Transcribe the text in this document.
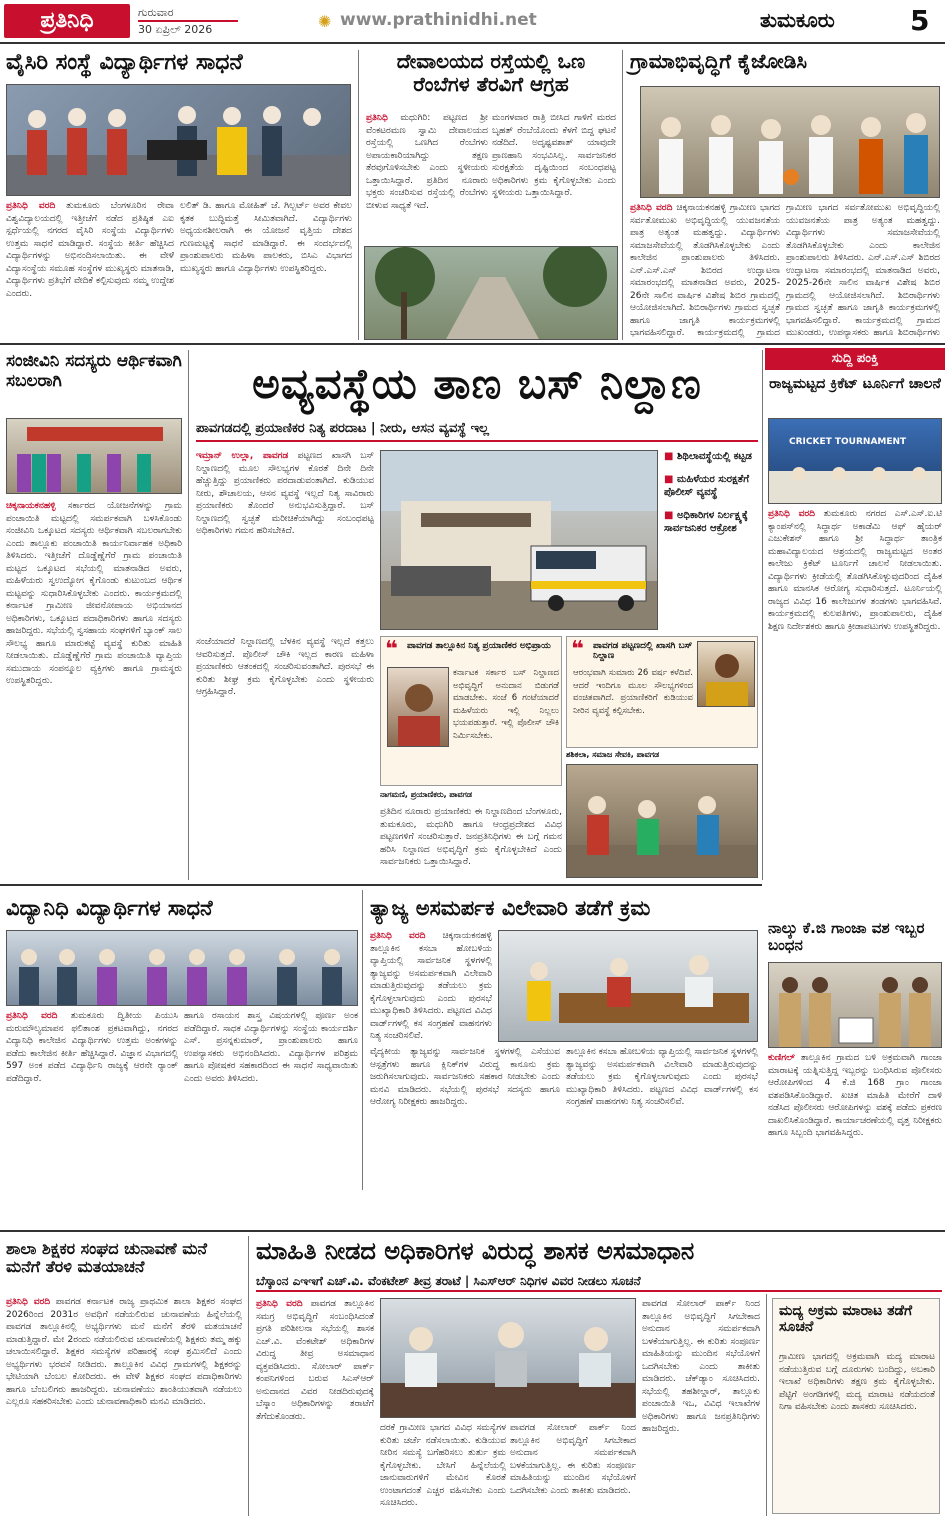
ಪ್ರತಿನಿಧಿ	ಗುರುವಾರ
30 ಏಪ್ರಿಲ್ 2026	✺ www.prathinidhi.net	ತುಮಕೂರು	5
ವೈಸಿರಿ ಸಂಸ್ಥೆ ವಿದ್ಯಾರ್ಥಿಗಳ ಸಾಧನೆ
ಪ್ರತಿನಿಧಿ ವರದಿ ತುಮಕೂರು ಬೆಂಗಳೂರಿನ ರೇವಾ ವಿಶ್ವವಿದ್ಯಾಲಯದಲ್ಲಿ ಇತ್ತೀಚೆಗೆ ನಡೆದ ಪ್ರತಿಷ್ಠಿತ ಎಐ ಸ್ಪರ್ಧೆಯಲ್ಲಿ ನಗರದ ವೈಸಿರಿ ಸಂಸ್ಥೆಯ ವಿದ್ಯಾರ್ಥಿಗಳು ಉತ್ತಮ ಸಾಧನೆ ಮಾಡಿದ್ದಾರೆ. ಸಂಸ್ಥೆಯ ಕೀರ್ತಿ ಹೆಚ್ಚಿಸಿದ ವಿದ್ಯಾರ್ಥಿಗಳನ್ನು ಅಭಿನಂದಿಸಲಾಯಿತು. ಈ ವೇಳೆ ವಿದ್ಯಾಸಂಸ್ಥೆಯ ಸಮೂಹ ಸಂಸ್ಥೆಗಳ ಮುಖ್ಯಸ್ಥರು ಮಾತನಾಡಿ, ವಿದ್ಯಾರ್ಥಿಗಳು ಪ್ರತಿಭೆಗೆ ವೇದಿಕೆ ಕಲ್ಪಿಸುವುದು ನಮ್ಮ ಉದ್ದೇಶ ಎಂದರು.
ಲಲಿತ್ ಡಿ. ಹಾಗೂ ಮೋಹಿತ್ ಜೆ. ಗಿಲ್ಬರ್ಟ್ ಅವರ ಕೇವಲ ಕೃತಕ ಬುದ್ಧಿಮತ್ತೆ ಸೀಮಿತವಾಗಿದೆ. ವಿದ್ಯಾರ್ಥಿಗಳು ಅಧ್ಯಯನಶೀಲರಾಗಿ ಈ ಯೋಜನೆ ವೃತ್ತಿಯ ದೇಶದ ಗುಣಮಟ್ಟಕ್ಕೆ ಸಾಧನೆ ಮಾಡಿದ್ದಾರೆ. ಈ ಸಂದರ್ಭದಲ್ಲಿ ಪ್ರಾಂಶುಪಾಲರು ಮಹಿಳಾ ಪಾಲಕರು, ಬಿಸಿಎ ವಿಭಾಗದ ಮುಖ್ಯಸ್ಥರು ಹಾಗೂ ವಿದ್ಯಾರ್ಥಿಗಳು ಉಪಸ್ಥಿತರಿದ್ದರು.
ದೇವಾಲಯದ ರಸ್ತೆಯಲ್ಲಿ ಒಣ ರೆಂಬೆಗಳ ತೆರವಿಗೆ ಆಗ್ರಹ
ಪ್ರತಿನಿಧಿ ಮಧುಗಿರಿ: ಪಟ್ಟಣದ ಶ್ರೀ ವೆಂಕಟರಮಣ ಸ್ವಾಮಿ ದೇವಾಲಯದ ರಸ್ತೆಯಲ್ಲಿ ಒಣಗಿದ ರೆಂಬೆಗಳು ಅಪಾಯಕಾರಿಯಾಗಿದ್ದು ತಕ್ಷಣ ತೆರವುಗೊಳಿಸಬೇಕು ಎಂದು ಸ್ಥಳೀಯರು ಒತ್ತಾಯಿಸಿದ್ದಾರೆ. ಪ್ರತಿದಿನ ನೂರಾರು ಭಕ್ತರು ಸಂಚರಿಸುವ ರಸ್ತೆಯಲ್ಲಿ ರೆಂಬೆಗಳು ಬೀಳುವ ಸಾಧ್ಯತೆ ಇದೆ.
ಮಂಗಳವಾರ ರಾತ್ರಿ ಬೀಸಿದ ಗಾಳಿಗೆ ಮರದ ಬೃಹತ್ ರೆಂಬೆಯೊಂದು ಕೆಳಗೆ ಬಿದ್ದ ಘಟನೆ ನಡೆದಿದೆ. ಅದೃಷ್ಟವಶಾತ್ ಯಾವುದೇ ಪ್ರಾಣಹಾನಿ ಸಂಭವಿಸಿಲ್ಲ. ಸಾರ್ವಜನಿಕರ ಸುರಕ್ಷತೆಯ ದೃಷ್ಟಿಯಿಂದ ಸಂಬಂಧಪಟ್ಟ ಅಧಿಕಾರಿಗಳು ಕ್ರಮ ಕೈಗೊಳ್ಳಬೇಕು ಎಂದು ಸ್ಥಳೀಯರು ಒತ್ತಾಯಿಸಿದ್ದಾರೆ.
ಗ್ರಾಮಾಭಿವೃದ್ಧಿಗೆ ಕೈಜೋಡಿಸಿ
ಪ್ರತಿನಿಧಿ ವರದಿ ಚಿಕ್ಕನಾಯಕನಹಳ್ಳಿ ಗ್ರಾಮೀಣ ಭಾಗದ ಸರ್ವತೋಮುಖ ಅಭಿವೃದ್ಧಿಯಲ್ಲಿ ಯುವಜನತೆಯ ಪಾತ್ರ ಅತ್ಯಂತ ಮಹತ್ವದ್ದು. ವಿದ್ಯಾರ್ಥಿಗಳು ಸಮಾಜಸೇವೆಯಲ್ಲಿ ತೊಡಗಿಸಿಕೊಳ್ಳಬೇಕು ಎಂದು ಕಾಲೇಜಿನ ಪ್ರಾಂಶುಪಾಲರು ತಿಳಿಸಿದರು. ಎನ್.ಎಸ್.ಎಸ್ ಶಿಬಿರದ ಉದ್ಘಾಟನಾ ಸಮಾರಂಭದಲ್ಲಿ ಮಾತನಾಡಿದ ಅವರು, 2025-26ನೇ ಸಾಲಿನ ವಾರ್ಷಿಕ ವಿಶೇಷ ಶಿಬಿರ ಗ್ರಾಮದಲ್ಲಿ ಆಯೋಜಿಸಲಾಗಿದೆ. ಶಿಬಿರಾರ್ಥಿಗಳು ಗ್ರಾಮದ ಸ್ವಚ್ಛತೆ ಹಾಗೂ ಜಾಗೃತಿ ಕಾರ್ಯಕ್ರಮಗಳಲ್ಲಿ ಭಾಗವಹಿಸಲಿದ್ದಾರೆ. ಕಾರ್ಯಕ್ರಮದಲ್ಲಿ ಗ್ರಾಮದ
ಗ್ರಾಮೀಣ ಭಾಗದ ಸರ್ವತೋಮುಖ ಅಭಿವೃದ್ಧಿಯಲ್ಲಿ ಯುವಜನತೆಯ ಪಾತ್ರ ಅತ್ಯಂತ ಮಹತ್ವದ್ದು. ವಿದ್ಯಾರ್ಥಿಗಳು ಸಮಾಜಸೇವೆಯಲ್ಲಿ ತೊಡಗಿಸಿಕೊಳ್ಳಬೇಕು ಎಂದು ಕಾಲೇಜಿನ ಪ್ರಾಂಶುಪಾಲರು ತಿಳಿಸಿದರು. ಎನ್.ಎಸ್.ಎಸ್ ಶಿಬಿರದ ಉದ್ಘಾಟನಾ ಸಮಾರಂಭದಲ್ಲಿ ಮಾತನಾಡಿದ ಅವರು, 2025-26ನೇ ಸಾಲಿನ ವಾರ್ಷಿಕ ವಿಶೇಷ ಶಿಬಿರ ಗ್ರಾಮದಲ್ಲಿ ಆಯೋಜಿಸಲಾಗಿದೆ. ಶಿಬಿರಾರ್ಥಿಗಳು ಗ್ರಾಮದ ಸ್ವಚ್ಛತೆ ಹಾಗೂ ಜಾಗೃತಿ ಕಾರ್ಯಕ್ರಮಗಳಲ್ಲಿ ಭಾಗವಹಿಸಲಿದ್ದಾರೆ. ಕಾರ್ಯಕ್ರಮದಲ್ಲಿ ಗ್ರಾಮದ ಮುಖಂಡರು, ಉಪನ್ಯಾಸಕರು ಹಾಗೂ ಶಿಬಿರಾರ್ಥಿಗಳು
ಸಂಜೀವಿನಿ ಸದಸ್ಯರು ಆರ್ಥಿಕವಾಗಿ ಸಬಲರಾಗಿ
ಚಿಕ್ಕನಾಯಕನಹಳ್ಳಿ ಸರ್ಕಾರದ ಯೋಜನೆಗಳನ್ನು ಗ್ರಾಮ ಪಂಚಾಯಿತಿ ಮಟ್ಟದಲ್ಲಿ ಸಮರ್ಪಕವಾಗಿ ಬಳಸಿಕೊಂಡು ಸಂಜೀವಿನಿ ಒಕ್ಕೂಟದ ಸದಸ್ಯರು ಆರ್ಥಿಕವಾಗಿ ಸಬಲರಾಗಬೇಕು ಎಂದು ತಾಲ್ಲೂಕು ಪಂಚಾಯಿತಿ ಕಾರ್ಯನಿರ್ವಾಹಕ ಅಧಿಕಾರಿ ತಿಳಿಸಿದರು. ಇತ್ತೀಚೆಗೆ ದೊಡ್ಡೆಣ್ಣೆಗೆರೆ ಗ್ರಾಮ ಪಂಚಾಯಿತಿ ಮಟ್ಟದ ಒಕ್ಕೂಟದ ಸಭೆಯಲ್ಲಿ ಮಾತನಾಡಿದ ಅವರು, ಮಹಿಳೆಯರು ಸ್ವಉದ್ಯೋಗ ಕೈಗೊಂಡು ಕುಟುಂಬದ ಆರ್ಥಿಕ ಮಟ್ಟವನ್ನು ಸುಧಾರಿಸಿಕೊಳ್ಳಬೇಕು ಎಂದರು. ಕಾರ್ಯಕ್ರಮದಲ್ಲಿ ಕರ್ನಾಟಕ ಗ್ರಾಮೀಣ ಜೀವನೋಪಾಯ ಅಭಿಯಾನದ ಅಧಿಕಾರಿಗಳು, ಒಕ್ಕೂಟದ ಪದಾಧಿಕಾರಿಗಳು ಹಾಗೂ ಸದಸ್ಯರು ಹಾಜರಿದ್ದರು. ಸಭೆಯಲ್ಲಿ ಸ್ವಸಹಾಯ ಸಂಘಗಳಿಗೆ ಬ್ಯಾಂಕ್ ಸಾಲ ಸೌಲಭ್ಯ ಹಾಗೂ ಮಾರುಕಟ್ಟೆ ವ್ಯವಸ್ಥೆ ಕುರಿತು ಮಾಹಿತಿ ನೀಡಲಾಯಿತು. ದೊಡ್ಡೆಣ್ಣೆಗೆರೆ ಗ್ರಾಮ ಪಂಚಾಯಿತಿ ವ್ಯಾಪ್ತಿಯ ಸಮುದಾಯ ಸಂಪನ್ಮೂಲ ವ್ಯಕ್ತಿಗಳು ಹಾಗೂ ಗ್ರಾಮಸ್ಥರು ಉಪಸ್ಥಿತರಿದ್ದರು.
ಅವ್ಯವಸ್ಥೆಯ ತಾಣ ಬಸ್ ನಿಲ್ದಾಣ
ಪಾವಗಡದಲ್ಲಿ ಪ್ರಯಾಣಿಕರ ನಿತ್ಯ ಪರದಾಟ | ನೀರು, ಆಸನ ವ್ಯವಸ್ಥೆ ಇಲ್ಲ
ಇಮ್ರಾನ್ ಉಲ್ಲಾ, ಪಾವಗಡ ಪಟ್ಟಣದ ಖಾಸಗಿ ಬಸ್ ನಿಲ್ದಾಣದಲ್ಲಿ ಮೂಲ ಸೌಲಭ್ಯಗಳ ಕೊರತೆ ದಿನೇ ದಿನೇ ಹೆಚ್ಚುತ್ತಿದ್ದು ಪ್ರಯಾಣಿಕರು ಪರದಾಡುವಂತಾಗಿದೆ. ಕುಡಿಯುವ ನೀರು, ಶೌಚಾಲಯ, ಆಸನ ವ್ಯವಸ್ಥೆ ಇಲ್ಲದೆ ನಿತ್ಯ ಸಾವಿರಾರು ಪ್ರಯಾಣಿಕರು ತೊಂದರೆ ಅನುಭವಿಸುತ್ತಿದ್ದಾರೆ. ಬಸ್ ನಿಲ್ದಾಣದಲ್ಲಿ ಸ್ವಚ್ಛತೆ ಮರೀಚಿಕೆಯಾಗಿದ್ದು ಸಂಬಂಧಪಟ್ಟ ಅಧಿಕಾರಿಗಳು ಗಮನ ಹರಿಸಬೇಕಿದೆ.
■ ಶಿಥಿಲಾವಸ್ಥೆಯಲ್ಲಿ ಕಟ್ಟಡ
■ ಮಹಿಳೆಯರ ಸುರಕ್ಷತೆಗೆ ಪೊಲೀಸ್ ವ್ಯವಸ್ಥೆ
■ ಅಧಿಕಾರಿಗಳ ನಿರ್ಲಕ್ಷ್ಯಕ್ಕೆ ಸಾರ್ವಜನಿಕರ ಆಕ್ರೋಶ
ಸಂಜೆಯಾದರೆ ನಿಲ್ದಾಣದಲ್ಲಿ ಬೆಳಕಿನ ವ್ಯವಸ್ಥೆ ಇಲ್ಲದೆ ಕತ್ತಲು ಆವರಿಸುತ್ತದೆ. ಪೊಲೀಸ್ ಚೌಕಿ ಇಲ್ಲದ ಕಾರಣ ಮಹಿಳಾ ಪ್ರಯಾಣಿಕರು ಆತಂಕದಲ್ಲಿ ಸಂಚರಿಸುವಂತಾಗಿದೆ. ಪುರಸಭೆ ಈ ಕುರಿತು ಶೀಘ್ರ ಕ್ರಮ ಕೈಗೊಳ್ಳಬೇಕು ಎಂದು ಸ್ಥಳೀಯರು ಆಗ್ರಹಿಸಿದ್ದಾರೆ.
❝ ಪಾವಗಡ ತಾಲ್ಲೂಕಿನ ನಿತ್ಯ ಪ್ರಯಾಣಿಕರ ಅಭಿಪ್ರಾಯ
ಕರ್ನಾಟಕ ಸರ್ಕಾರ ಬಸ್ ನಿಲ್ದಾಣದ ಅಭಿವೃದ್ಧಿಗೆ ಅನುದಾನ ಬಿಡುಗಡೆ ಮಾಡಬೇಕು. ಸಂಜೆ 6 ಗಂಟೆಯಾದರೆ ಮಹಿಳೆಯರು ಇಲ್ಲಿ ನಿಲ್ಲಲು ಭಯಪಡುತ್ತಾರೆ. ಇಲ್ಲಿ ಪೊಲೀಸ್ ಚೌಕಿ ನಿರ್ಮಿಸಬೇಕು.
ನಾಗಮಣಿ, ಪ್ರಯಾಣಿಕರು, ಪಾವಗಡ
❝ ಪಾವಗಡ ಪಟ್ಟಣದಲ್ಲಿ ಖಾಸಗಿ ಬಸ್ ನಿಲ್ದಾಣ
ಆರಂಭವಾಗಿ ಸುಮಾರು 26 ವರ್ಷ ಕಳೆದಿವೆ. ಆದರೆ ಇಂದಿಗೂ ಮೂಲ ಸೌಲಭ್ಯಗಳಿಂದ ವಂಚಿತವಾಗಿದೆ. ಪ್ರಯಾಣಿಕರಿಗೆ ಕುಡಿಯುವ ನೀರಿನ ವ್ಯವಸ್ಥೆ ಕಲ್ಪಿಸಬೇಕು.
ಶಶಿಕಲಾ, ಸಮಾಜ ಸೇವಕಿ, ಪಾವಗಡ
ಪ್ರತಿದಿನ ನೂರಾರು ಪ್ರಯಾಣಿಕರು ಈ ನಿಲ್ದಾಣದಿಂದ ಬೆಂಗಳೂರು, ತುಮಕೂರು, ಮಧುಗಿರಿ ಹಾಗೂ ಆಂಧ್ರಪ್ರದೇಶದ ವಿವಿಧ ಪಟ್ಟಣಗಳಿಗೆ ಸಂಚರಿಸುತ್ತಾರೆ. ಜನಪ್ರತಿನಿಧಿಗಳು ಈ ಬಗ್ಗೆ ಗಮನ ಹರಿಸಿ ನಿಲ್ದಾಣದ ಅಭಿವೃದ್ಧಿಗೆ ಕ್ರಮ ಕೈಗೊಳ್ಳಬೇಕಿದೆ ಎಂದು ಸಾರ್ವಜನಿಕರು ಒತ್ತಾಯಿಸಿದ್ದಾರೆ.
ಸುದ್ದಿ ಪಂಕ್ತಿ
ರಾಜ್ಯಮಟ್ಟದ ಕ್ರಿಕೆಟ್ ಟೂರ್ನಿಗೆ ಚಾಲನೆ
CRICKET TOURNAMENT
ಪ್ರತಿನಿಧಿ ವರದಿ ತುಮಕೂರು ನಗರದ ಎಸ್.ಎಸ್.ಐ.ಟಿ ಕ್ಯಾಂಪಸ್‌ನಲ್ಲಿ ಸಿದ್ಧಾರ್ಥ ಅಕಾಡೆಮಿ ಆಫ್ ಹೈಯರ್ ಎಜುಕೇಶನ್ ಹಾಗೂ ಶ್ರೀ ಸಿದ್ಧಾರ್ಥ ತಾಂತ್ರಿಕ ಮಹಾವಿದ್ಯಾಲಯದ ಆಶ್ರಯದಲ್ಲಿ ರಾಜ್ಯಮಟ್ಟದ ಅಂತರ ಕಾಲೇಜು ಕ್ರಿಕೆಟ್ ಟೂರ್ನಿಗೆ ಚಾಲನೆ ನೀಡಲಾಯಿತು. ವಿದ್ಯಾರ್ಥಿಗಳು ಕ್ರೀಡೆಯಲ್ಲಿ ತೊಡಗಿಸಿಕೊಳ್ಳುವುದರಿಂದ ದೈಹಿಕ ಹಾಗೂ ಮಾನಸಿಕ ಆರೋಗ್ಯ ಸುಧಾರಿಸುತ್ತದೆ. ಟೂರ್ನಿಯಲ್ಲಿ ರಾಜ್ಯದ ವಿವಿಧ 16 ಕಾಲೇಜುಗಳ ತಂಡಗಳು ಭಾಗವಹಿಸಿವೆ. ಕಾರ್ಯಕ್ರಮದಲ್ಲಿ ಕುಲಪತಿಗಳು, ಪ್ರಾಂಶುಪಾಲರು, ದೈಹಿಕ ಶಿಕ್ಷಣ ನಿರ್ದೇಶಕರು ಹಾಗೂ ಕ್ರೀಡಾಪಟುಗಳು ಉಪಸ್ಥಿತರಿದ್ದರು.
ನಾಲ್ಕು ಕೆ.ಜಿ ಗಾಂಜಾ ವಶ ಇಬ್ಬರ ಬಂಧನ
ಕುಣಿಗಲ್ ತಾಲ್ಲೂಕಿನ ಗ್ರಾಮದ ಬಳಿ ಅಕ್ರಮವಾಗಿ ಗಾಂಜಾ ಮಾರಾಟಕ್ಕೆ ಯತ್ನಿಸುತ್ತಿದ್ದ ಇಬ್ಬರನ್ನು ಬಂಧಿಸಿರುವ ಪೊಲೀಸರು ಆರೋಪಿಗಳಿಂದ 4 ಕೆ.ಜಿ 168 ಗ್ರಾಂ ಗಾಂಜಾ ವಶಪಡಿಸಿಕೊಂಡಿದ್ದಾರೆ. ಖಚಿತ ಮಾಹಿತಿ ಮೇರೆಗೆ ದಾಳಿ ನಡೆಸಿದ ಪೊಲೀಸರು ಆರೋಪಿಗಳನ್ನು ವಶಕ್ಕೆ ಪಡೆದು ಪ್ರಕರಣ ದಾಖಲಿಸಿಕೊಂಡಿದ್ದಾರೆ. ಕಾರ್ಯಾಚರಣೆಯಲ್ಲಿ ವೃತ್ತ ನಿರೀಕ್ಷಕರು ಹಾಗೂ ಸಿಬ್ಬಂದಿ ಭಾಗವಹಿಸಿದ್ದರು.
ವಿದ್ಯಾನಿಧಿ ವಿದ್ಯಾರ್ಥಿಗಳ ಸಾಧನೆ
ಪ್ರತಿನಿಧಿ ವರದಿ ತುಮಕೂರು ದ್ವಿತೀಯ ಪಿಯುಸಿ ಮರುಮೌಲ್ಯಮಾಪನ ಫಲಿತಾಂಶ ಪ್ರಕಟವಾಗಿದ್ದು, ನಗರದ ವಿದ್ಯಾನಿಧಿ ಕಾಲೇಜಿನ ವಿದ್ಯಾರ್ಥಿಗಳು ಉತ್ತಮ ಅಂಕಗಳನ್ನು ಪಡೆದು ಕಾಲೇಜಿನ ಕೀರ್ತಿ ಹೆಚ್ಚಿಸಿದ್ದಾರೆ. ವಿಜ್ಞಾನ ವಿಭಾಗದಲ್ಲಿ 597 ಅಂಕ ಪಡೆದ ವಿದ್ಯಾರ್ಥಿನಿ ರಾಜ್ಯಕ್ಕೆ ಆರನೇ ರ‍್ಯಾಂಕ್ ಪಡೆದಿದ್ದಾರೆ.
ಹಾಗೂ ರಸಾಯನ ಶಾಸ್ತ್ರ ವಿಷಯಗಳಲ್ಲಿ ಪೂರ್ಣ ಅಂಕ ಪಡೆದಿದ್ದಾರೆ. ಸಾಧಕ ವಿದ್ಯಾರ್ಥಿಗಳನ್ನು ಸಂಸ್ಥೆಯ ಕಾರ್ಯದರ್ಶಿ ಎಸ್. ಪ್ರಸನ್ನಕುಮಾರ್, ಪ್ರಾಂಶುಪಾಲರು ಹಾಗೂ ಉಪನ್ಯಾಸಕರು ಅಭಿನಂದಿಸಿದರು. ವಿದ್ಯಾರ್ಥಿಗಳ ಪರಿಶ್ರಮ ಹಾಗೂ ಪೋಷಕರ ಸಹಕಾರದಿಂದ ಈ ಸಾಧನೆ ಸಾಧ್ಯವಾಯಿತು ಎಂದು ಅವರು ತಿಳಿಸಿದರು.
ತ್ಯಾಜ್ಯ ಅಸಮರ್ಪಕ ವಿಲೇವಾರಿ ತಡೆಗೆ ಕ್ರಮ
ಪ್ರತಿನಿಧಿ ವರದಿ ಚಿಕ್ಕನಾಯಕನಹಳ್ಳಿ ತಾಲ್ಲೂಕಿನ ಕಸಬಾ ಹೋಬಳಿಯ ವ್ಯಾಪ್ತಿಯಲ್ಲಿ ಸಾರ್ವಜನಿಕ ಸ್ಥಳಗಳಲ್ಲಿ ತ್ಯಾಜ್ಯವನ್ನು ಅಸಮರ್ಪಕವಾಗಿ ವಿಲೇವಾರಿ ಮಾಡುತ್ತಿರುವುದನ್ನು ತಡೆಯಲು ಕ್ರಮ ಕೈಗೊಳ್ಳಲಾಗುವುದು ಎಂದು ಪುರಸಭೆ ಮುಖ್ಯಾಧಿಕಾರಿ ತಿಳಿಸಿದರು. ಪಟ್ಟಣದ ವಿವಿಧ ವಾರ್ಡ್‌ಗಳಲ್ಲಿ ಕಸ ಸಂಗ್ರಹಣೆ ವಾಹನಗಳು ನಿತ್ಯ ಸಂಚರಿಸಲಿವೆ.
ವೈದ್ಯಕೀಯ ತ್ಯಾಜ್ಯವನ್ನು ಸಾರ್ವಜನಿಕ ಸ್ಥಳಗಳಲ್ಲಿ ಎಸೆಯುವ ಆಸ್ಪತ್ರೆಗಳು ಹಾಗೂ ಕ್ಲಿನಿಕ್‌ಗಳ ವಿರುದ್ಧ ಕಾನೂನು ಕ್ರಮ ಜರುಗಿಸಲಾಗುವುದು. ಸಾರ್ವಜನಿಕರು ಸಹಕಾರ ನೀಡಬೇಕು ಎಂದು ಮನವಿ ಮಾಡಿದರು. ಸಭೆಯಲ್ಲಿ ಪುರಸಭೆ ಸದಸ್ಯರು ಹಾಗೂ ಆರೋಗ್ಯ ನಿರೀಕ್ಷಕರು ಹಾಜರಿದ್ದರು.
ತಾಲ್ಲೂಕಿನ ಕಸಬಾ ಹೋಬಳಿಯ ವ್ಯಾಪ್ತಿಯಲ್ಲಿ ಸಾರ್ವಜನಿಕ ಸ್ಥಳಗಳಲ್ಲಿ ತ್ಯಾಜ್ಯವನ್ನು ಅಸಮರ್ಪಕವಾಗಿ ವಿಲೇವಾರಿ ಮಾಡುತ್ತಿರುವುದನ್ನು ತಡೆಯಲು ಕ್ರಮ ಕೈಗೊಳ್ಳಲಾಗುವುದು ಎಂದು ಪುರಸಭೆ ಮುಖ್ಯಾಧಿಕಾರಿ ತಿಳಿಸಿದರು. ಪಟ್ಟಣದ ವಿವಿಧ ವಾರ್ಡ್‌ಗಳಲ್ಲಿ ಕಸ ಸಂಗ್ರಹಣೆ ವಾಹನಗಳು ನಿತ್ಯ ಸಂಚರಿಸಲಿವೆ.
ಶಾಲಾ ಶಿಕ್ಷಕರ ಸಂಘದ ಚುನಾವಣೆ ಮನೆ ಮನೆಗೆ ತೆರಳಿ ಮತಯಾಚನೆ
ಪ್ರತಿನಿಧಿ ವರದಿ ಪಾವಗಡ ಕರ್ನಾಟಕ ರಾಜ್ಯ ಪ್ರಾಥಮಿಕ ಶಾಲಾ ಶಿಕ್ಷಕರ ಸಂಘದ 2026ರಿಂದ 2031ರ ಅವಧಿಗೆ ನಡೆಯಲಿರುವ ಚುನಾವಣೆಯ ಹಿನ್ನೆಲೆಯಲ್ಲಿ ಪಾವಗಡ ತಾಲ್ಲೂಕಿನಲ್ಲಿ ಅಭ್ಯರ್ಥಿಗಳು ಮನೆ ಮನೆಗೆ ತೆರಳಿ ಮತಯಾಚನೆ ಮಾಡುತ್ತಿದ್ದಾರೆ. ಮೇ 2ರಂದು ನಡೆಯಲಿರುವ ಚುನಾವಣೆಯಲ್ಲಿ ಶಿಕ್ಷಕರು ತಮ್ಮ ಹಕ್ಕು ಚಲಾಯಿಸಲಿದ್ದಾರೆ. ಶಿಕ್ಷಕರ ಸಮಸ್ಯೆಗಳ ಪರಿಹಾರಕ್ಕೆ ಸಂಘ ಶ್ರಮಿಸಲಿದೆ ಎಂದು ಅಭ್ಯರ್ಥಿಗಳು ಭರವಸೆ ನೀಡಿದರು. ತಾಲ್ಲೂಕಿನ ವಿವಿಧ ಗ್ರಾಮಗಳಲ್ಲಿ ಶಿಕ್ಷಕರನ್ನು ಭೇಟಿಯಾಗಿ ಬೆಂಬಲ ಕೋರಿದರು. ಈ ವೇಳೆ ಶಿಕ್ಷಕರ ಸಂಘದ ಪದಾಧಿಕಾರಿಗಳು ಹಾಗೂ ಬೆಂಬಲಿಗರು ಹಾಜರಿದ್ದರು. ಚುನಾವಣೆಯು ಶಾಂತಿಯುತವಾಗಿ ನಡೆಯಲು ಎಲ್ಲರೂ ಸಹಕರಿಸಬೇಕು ಎಂದು ಚುನಾವಣಾಧಿಕಾರಿ ಮನವಿ ಮಾಡಿದರು.
ಮಾಹಿತಿ ನೀಡದ ಅಧಿಕಾರಿಗಳ ವಿರುದ್ಧ ಶಾಸಕ ಅಸಮಾಧಾನ
ಬೆಸ್ಕಾಂನ ಎಇಇಗೆ ಎಚ್.ವಿ. ವೆಂಕಟೇಶ್ ತೀವ್ರ ತರಾಟೆ | ಸಿಎಸ್‌ಆರ್ ನಿಧಿಗಳ ವಿವರ ನೀಡಲು ಸೂಚನೆ
ಪ್ರತಿನಿಧಿ ವರದಿ ಪಾವಗಡ ತಾಲ್ಲೂಕಿನ ಸಮಗ್ರ ಅಭಿವೃದ್ಧಿಗೆ ಸಂಬಂಧಿಸಿದಂತೆ ಪ್ರಗತಿ ಪರಿಶೀಲನಾ ಸಭೆಯಲ್ಲಿ ಶಾಸಕ ಎಚ್.ವಿ. ವೆಂಕಟೇಶ್ ಅಧಿಕಾರಿಗಳ ವಿರುದ್ಧ ತೀವ್ರ ಅಸಮಾಧಾನ ವ್ಯಕ್ತಪಡಿಸಿದರು. ಸೋಲಾರ್ ಪಾರ್ಕ್ ಕಂಪನಿಗಳಿಂದ ಬರುವ ಸಿಎಸ್‌ಆರ್ ಅನುದಾನದ ವಿವರ ನೀಡದಿರುವುದಕ್ಕೆ ಬೆಸ್ಕಾಂ ಅಧಿಕಾರಿಗಳನ್ನು ತರಾಟೆಗೆ ತೆಗೆದುಕೊಂಡರು.
ದರಕೆ ಗ್ರಾಮೀಣ ಭಾಗದ ವಿವಿಧ ಸಮಸ್ಯೆಗಳ ಕುರಿತು ಚರ್ಚೆ ನಡೆಸಲಾಯಿತು. ಕುಡಿಯುವ ನೀರಿನ ಸಮಸ್ಯೆ ಬಗೆಹರಿಸಲು ತುರ್ತು ಕ್ರಮ ಕೈಗೊಳ್ಳಬೇಕು. ಬೇಸಿಗೆ ಹಿನ್ನೆಲೆಯಲ್ಲಿ ಜಾನುವಾರುಗಳಿಗೆ ಮೇವಿನ ಕೊರತೆ ಉಂಟಾಗದಂತೆ ಎಚ್ಚರ ವಹಿಸಬೇಕು ಎಂದು ಸೂಚಿಸಿದರು.
ಪಾವಗಡ ಸೋಲಾರ್ ಪಾರ್ಕ್ ನಿಂದ ತಾಲ್ಲೂಕಿನ ಅಭಿವೃದ್ಧಿಗೆ ಸಿಗಬೇಕಾದ ಅನುದಾನ ಸಮರ್ಪಕವಾಗಿ ಬಳಕೆಯಾಗುತ್ತಿಲ್ಲ. ಈ ಕುರಿತು ಸಂಪೂರ್ಣ ಮಾಹಿತಿಯನ್ನು ಮುಂದಿನ ಸಭೆಯೊಳಗೆ ಒದಗಿಸಬೇಕು ಎಂದು ತಾಕೀತು ಮಾಡಿದರು.
ಪಾವಗಡ ಸೋಲಾರ್ ಪಾರ್ಕ್ ನಿಂದ ತಾಲ್ಲೂಕಿನ ಅಭಿವೃದ್ಧಿಗೆ ಸಿಗಬೇಕಾದ ಅನುದಾನ ಸಮರ್ಪಕವಾಗಿ ಬಳಕೆಯಾಗುತ್ತಿಲ್ಲ. ಈ ಕುರಿತು ಸಂಪೂರ್ಣ ಮಾಹಿತಿಯನ್ನು ಮುಂದಿನ ಸಭೆಯೊಳಗೆ ಒದಗಿಸಬೇಕು ಎಂದು ತಾಕೀತು ಮಾಡಿದರು. ಚೆಕ್‌ಡ್ಯಾಂ ಸೂಚಿಸಿದರು. ಸಭೆಯಲ್ಲಿ ತಹಶೀಲ್ದಾರ್, ತಾಲ್ಲೂಕು ಪಂಚಾಯಿತಿ ಇಒ, ವಿವಿಧ ಇಲಾಖೆಗಳ ಅಧಿಕಾರಿಗಳು ಹಾಗೂ ಜನಪ್ರತಿನಿಧಿಗಳು ಹಾಜರಿದ್ದರು.
ಮದ್ಯ ಅಕ್ರಮ ಮಾರಾಟ ತಡೆಗೆ ಸೂಚನೆ
ಗ್ರಾಮೀಣ ಭಾಗದಲ್ಲಿ ಅಕ್ರಮವಾಗಿ ಮದ್ಯ ಮಾರಾಟ ನಡೆಯುತ್ತಿರುವ ಬಗ್ಗೆ ದೂರುಗಳು ಬಂದಿದ್ದು, ಅಬಕಾರಿ ಇಲಾಖೆ ಅಧಿಕಾರಿಗಳು ತಕ್ಷಣ ಕ್ರಮ ಕೈಗೊಳ್ಳಬೇಕು. ಪೆಟ್ಟಿಗೆ ಅಂಗಡಿಗಳಲ್ಲಿ ಮದ್ಯ ಮಾರಾಟ ನಡೆಯದಂತೆ ನಿಗಾ ವಹಿಸಬೇಕು ಎಂದು ಶಾಸಕರು ಸೂಚಿಸಿದರು.
